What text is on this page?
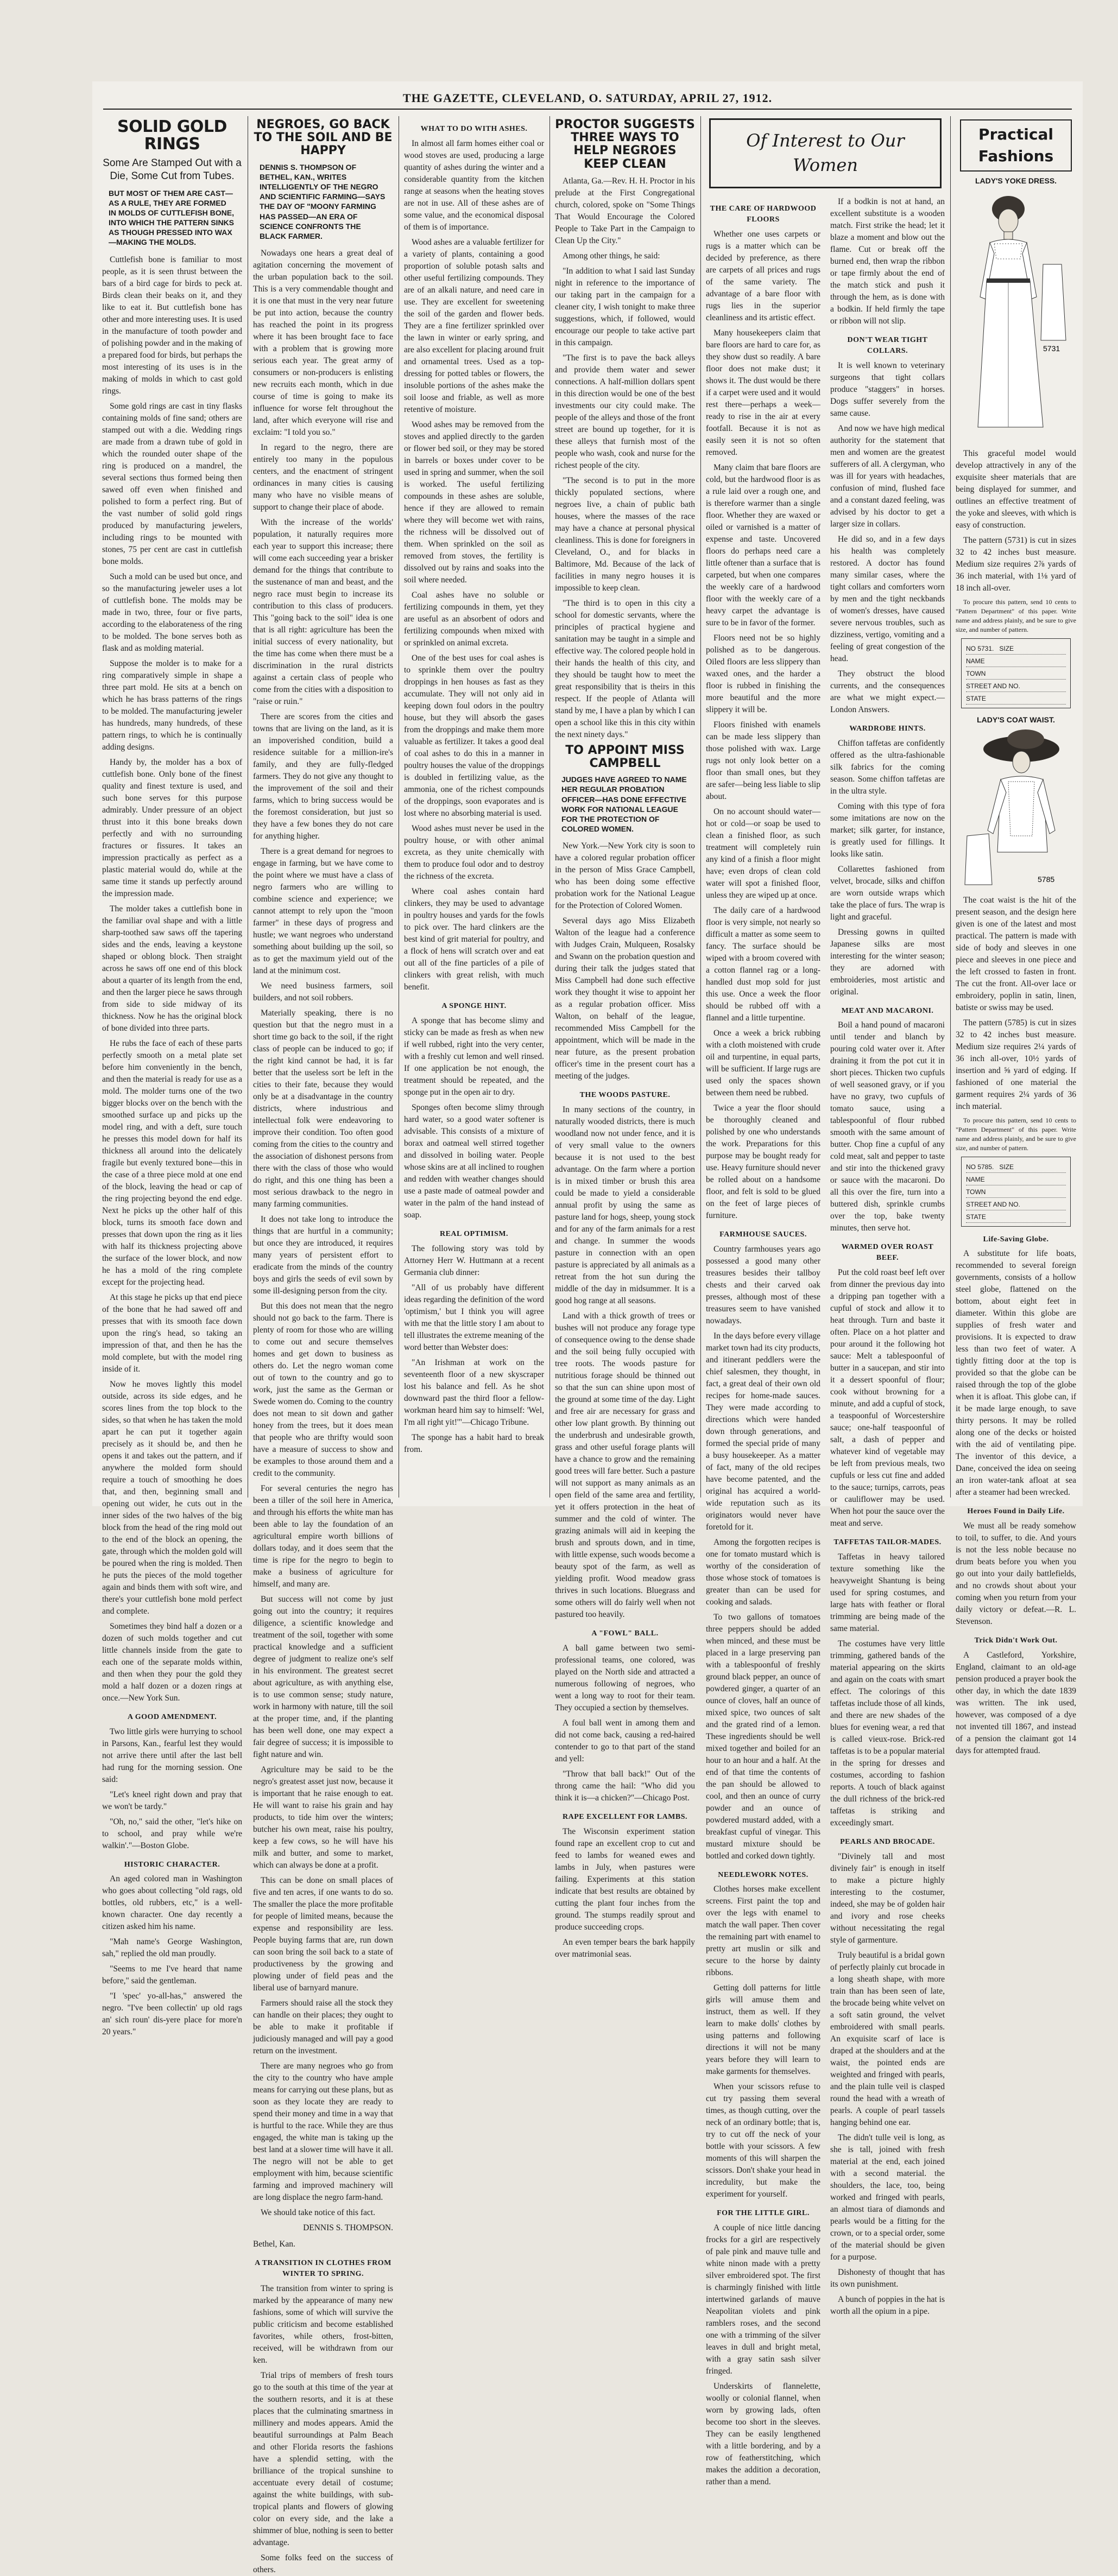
THE GAZETTE, CLEVELAND, O. SATURDAY, APRIL 27, 1912.
SOLID GOLD RINGS
Some Are Stamped Out with a Die, Some Cut from Tubes.
BUT MOST OF THEM ARE CAST—AS A RULE, THEY ARE FORMED IN MOLDS OF CUTTLEFISH BONE, INTO WHICH THE PATTERN SINKS AS THOUGH PRESSED INTO WAX—MAKING THE MOLDS.

Cuttlefish bone is familiar to most people, as it is seen thrust between the bars of a bird cage for birds to peck at. Birds clean their beaks on it, and they like to eat it. But cuttlefish bone has other and more interesting uses. It is used in the manufacture of tooth powder and of polishing powder and in the making of a prepared food for birds, but perhaps the most interesting of its uses is in the making of molds in which to cast gold rings.

Some gold rings are cast in tiny flasks containing molds of fine sand; others are stamped out with a die. Wedding rings are made from a drawn tube of gold in which the rounded outer shape of the ring is produced on a mandrel, the several sections thus formed being then sawed off even when finished and polished to form a perfect ring. But of the vast number of solid gold rings produced by manufacturing jewelers, including rings to be mounted with stones, 75 per cent are cast in cuttlefish bone molds.

Such a mold can be used but once, and so the manufacturing jeweler uses a lot of cuttlefish bone. The molds may be made in two, three, four or five parts, according to the elaborateness of the ring to be molded. The bone serves both as flask and as molding material.

Suppose the molder is to make for a ring comparatively simple in shape a three part mold. He sits at a bench on which he has brass patterns of the rings to be molded. The manufacturing jeweler has hundreds, many hundreds, of these pattern rings, to which he is continually adding designs.

Handy by, the molder has a box of cuttlefish bone. Only bone of the finest quality and finest texture is used, and such bone serves for this purpose admirably. Under pressure of an object thrust into it this bone breaks down perfectly and with no surrounding fractures or fissures. It takes an impression practically as perfect as a plastic material would do, while at the same time it stands up perfectly around the impression made.

The molder takes a cuttlefish bone in the familiar oval shape and with a little sharp-toothed saw saws off the tapering sides and the ends, leaving a keystone shaped or oblong block. Then straight across he saws off one end of this block about a quarter of its length from the end, and then the larger piece he saws through from side to side midway of its thickness. Now he has the original block of bone divided into three parts.

He rubs the face of each of these parts perfectly smooth on a metal plate set before him conveniently in the bench, and then the material is ready for use as a mold. The molder turns one of the two bigger blocks over on the bench with the smoothed surface up and picks up the model ring, and with a deft, sure touch he presses this model down for half its thickness all around into the delicately fragile but evenly textured bone—this in the case of a three piece mold at one end of the block, leaving the head or cap of the ring projecting beyond the end edge. Next he picks up the other half of this block, turns its smooth face down and presses that down upon the ring as it lies with half its thickness projecting above the surface of the lower block, and now he has a mold of the ring complete except for the projecting head.

At this stage he picks up that end piece of the bone that he had sawed off and presses that with its smooth face down upon the ring's head, so taking an impression of that, and then he has the mold complete, but with the model ring inside of it.

Now he moves lightly this model outside, across its side edges, and he scores lines from the top block to the sides, so that when he has taken the mold apart he can put it together again precisely as it should be, and then he opens it and takes out the pattern, and if anywhere the molded form should require a touch of smoothing he does that, and then, beginning small and opening out wider, he cuts out in the inner sides of the two halves of the big block from the head of the ring mold out to the end of the block an opening, the gate, through which the molden gold will be poured when the ring is molded. Then he puts the pieces of the mold together again and binds them with soft wire, and there's your cuttlefish bone mold perfect and complete.

Sometimes they bind half a dozen or a dozen of such molds together and cut little channels inside from the gate to each one of the separate molds within, and then when they pour the gold they mold a half dozen or a dozen rings at once.—New York Sun.

A GOOD AMENDMENT.

Two little girls were hurrying to school in Parsons, Kan., fearful lest they would not arrive there until after the last bell had rung for the morning session. One said:

"Let's kneel right down and pray that we won't be tardy."

"Oh, no," said the other, "let's hike on to school, and pray while we're walkin'."—Boston Globe.

HISTORIC CHARACTER.

An aged colored man in Washington who goes about collecting "old rags, old bottles, old rubbers, etc," is a well-known character. One day recently a citizen asked him his name.

"Mah name's George Washington, sah," replied the old man proudly.

"Seems to me I've heard that name before," said the gentleman.

"I 'spec' yo-all-has," answered the negro. "I've been collectin' up old rags an' sich roun' dis-yere place for more'n 20 years."

NEGROES, GO BACK TO THE SOIL AND BE HAPPY
DENNIS S. THOMPSON OF BETHEL, KAN., WRITES INTELLIGENTLY OF THE NEGRO AND SCIENTIFIC FARMING—SAYS THE DAY OF "MOONY FARMING HAS PASSED—AN ERA OF SCIENCE CONFRONTS THE BLACK FARMER.

Nowadays one hears a great deal of agitation concerning the movement of the urban population back to the soil. This is a very commendable thought and it is one that must in the very near future be put into action, because the country has reached the point in its progress where it has been brought face to face with a problem that is growing more serious each year. The great army of consumers or non-producers is enlisting new recruits each month, which in due course of time is going to make its influence for worse felt throughout the land, after which everyone will rise and exclaim: "I told you so."

In regard to the negro, there are entirely too many in the populous centers, and the enactment of stringent ordinances in many cities is causing many who have no visible means of support to change their place of abode.

With the increase of the worlds' population, it naturally requires more each year to support this increase; there will come each succeeding year a brisker demand for the things that contribute to the sustenance of man and beast, and the negro race must begin to increase its contribution to this class of producers. This "going back to the soil" idea is one that is all right: agriculture has been the initial success of every nationality, but the time has come when there must be a discrimination in the rural districts against a certain class of people who come from the cities with a disposition to "raise or ruin."

There are scores from the cities and towns that are living on the land, as it is an impoverished condition, build a residence suitable for a million-ire's family, and they are fully-fledged farmers. They do not give any thought to the improvement of the soil and their farms, which to bring success would be the foremost consideration, but just so they have a few bones they do not care for anything higher.

There is a great demand for negroes to engage in farming, but we have come to the point where we must have a class of negro farmers who are willing to combine science and experience; we cannot attempt to rely upon the "moon farmer" in these days of progress and hustle; we want negroes who understand something about building up the soil, so as to get the maximum yield out of the land at the minimum cost.

We need business farmers, soil builders, and not soil robbers.

Materially speaking, there is no question but that the negro must in a short time go back to the soil, if the right class of people can be induced to go; if the right kind cannot be had, it is far better that the useless sort be left in the cities to their fate, because they would only be at a disadvantage in the country districts, where industrious and intellectual folk were endeavoring to improve their condition. Too often good coming from the cities to the country and the association of dishonest persons from there with the class of those who would do right, and this one thing has been a most serious drawback to the negro in many farming communities.

It does not take long to introduce the things that are hurtful in a community; but once they are introduced, it requires many years of persistent effort to eradicate from the minds of the country boys and girls the seeds of evil sown by some ill-designing person from the city.

But this does not mean that the negro should not go back to the farm. There is plenty of room for those who are willing to come out and secure themselves homes and get down to business as others do. Let the negro woman come out of town to the country and go to work, just the same as the German or Swede women do. Coming to the country does not mean to sit down and gather honey from the trees, but it does mean that people who are thrifty would soon have a measure of success to show and be examples to those around them and a credit to the community.

For several centuries the negro has been a tiller of the soil here in America, and through his efforts the white man has been able to lay the foundation of an agricultural empire worth billions of dollars today, and it does seem that the time is ripe for the negro to begin to make a business of agriculture for himself, and many are.

But success will not come by just going out into the country; it requires diligence, a scientific knowledge and treatment of the soil, together with some practical knowledge and a sufficient degree of judgment to realize one's self in his environment. The greatest secret about agriculture, as with anything else, is to use common sense; study nature, work in harmony with nature, till the soil at the proper time, and, if the planting has been well done, one may expect a fair degree of success; it is impossible to fight nature and win.

Agriculture may be said to be the negro's greatest asset just now, because it is important that he raise enough to eat. He will want to raise his grain and hay products, to tide him over the winters; butcher his own meat, raise his poultry, keep a few cows, so he will have his milk and butter, and some to market, which can always be done at a profit.

This can be done on small places of five and ten acres, if one wants to do so. The smaller the place the more profitable for people of limited means, because the expense and responsibility are less. People buying farms that are, run down can soon bring the soil back to a state of productiveness by the growing and plowing under of field peas and the liberal use of barnyard manure.

Farmers should raise all the stock they can handle on their places; they ought to be able to make it profitable if judiciously managed and will pay a good return on the investment.

There are many negroes who go from the city to the country who have ample means for carrying out these plans, but as soon as they locate they are ready to spend their money and time in a way that is hurtful to the race. While they are thus engaged, the white man is taking up the best land at a slower time will have it all. The negro will not be able to get employment with him, because scientific farming and improved machinery will are long displace the negro farm-hand.

We should take notice of this fact.

DENNIS S. THOMPSON.
Bethel, Kan.
A TRANSITION IN CLOTHES FROM WINTER TO SPRING.

The transition from winter to spring is marked by the appearance of many new fashions, some of which will survive the public criticism and become established favorites, while others, frost-bitten, received, will be withdrawn from our ken.

Trial trips of members of fresh tours go to the south at this time of the year at the southern resorts, and it is at these places that the culminating smartness in millinery and modes appears. Amid the beautiful surroundings at Palm Beach and other Florida resorts the fashions have a splendid setting, with the brilliance of the tropical sunshine to accentuate every detail of costume; against the white buildings, with sub-tropical plants and flowers of glowing color on every side, and the lake a shimmer of blue, nothing is seen to better advantage.

Some folks feed on the success of others.

WHAT TO DO WITH ASHES.

In almost all farm homes either coal or wood stoves are used, producing a large quantity of ashes during the winter and a considerable quantity from the kitchen range at seasons when the heating stoves are not in use. All of these ashes are of some value, and the economical disposal of them is of importance.

Wood ashes are a valuable fertilizer for a variety of plants, containing a good proportion of soluble potash salts and other useful fertilizing compounds. They are of an alkali nature, and need care in use. They are excellent for sweetening the soil of the garden and flower beds. They are a fine fertilizer sprinkled over the lawn in winter or early spring, and are also excellent for placing around fruit and ornamental trees. Used as a top-dressing for potted tables or flowers, the insoluble portions of the ashes make the soil loose and friable, as well as more retentive of moisture.

Wood ashes may be removed from the stoves and applied directly to the garden or flower bed soil, or they may be stored in barrels or boxes under cover to be used in spring and summer, when the soil is worked. The useful fertilizing compounds in these ashes are soluble, hence if they are allowed to remain where they will become wet with rains, the richness will be dissolved out of them. When sprinkled on the soil as removed from stoves, the fertility is dissolved out by rains and soaks into the soil where needed.

Coal ashes have no soluble or fertilizing compounds in them, yet they are useful as an absorbent of odors and fertilizing compounds when mixed with or sprinkled on animal excreta.

One of the best uses for coal ashes is to sprinkle them over the poultry droppings in hen houses as fast as they accumulate. They will not only aid in keeping down foul odors in the poultry house, but they will absorb the gases from the droppings and make them more valuable as fertilizer. It takes a good deal of coal ashes to do this in a manner in poultry houses the value of the droppings is doubled in fertilizing value, as the ammonia, one of the richest compounds of the droppings, soon evaporates and is lost where no absorbing material is used.

Wood ashes must never be used in the poultry house, or with other animal excreta, as they unite chemically with them to produce foul odor and to destroy the richness of the excreta.

Where coal ashes contain hard clinkers, they may be used to advantage in poultry houses and yards for the fowls to pick over. The hard clinkers are the best kind of grit material for poultry, and a flock of hens will scratch over and eat out all of the fine particles of a pile of clinkers with great relish, with much benefit.

A SPONGE HINT.

A sponge that has become slimy and sticky can be made as fresh as when new if well rubbed, right into the very center, with a freshly cut lemon and well rinsed. If one application be not enough, the treatment should be repeated, and the sponge put in the open air to dry.

Sponges often become slimy through hard water, so a good water softener is advisable. This consists of a mixture of borax and oatmeal well stirred together and dissolved in boiling water. People whose skins are at all inclined to roughen and redden with weather changes should use a paste made of oatmeal powder and water in the palm of the hand instead of soap.

REAL OPTIMISM.

The following story was told by Attorney Herr W. Huttmann at a recent Germania club dinner:

"All of us probably have different ideas regarding the definition of the word 'optimism,' but I think you will agree with me that the little story I am about to tell illustrates the extreme meaning of the word better than Webster does:

"An Irishman at work on the seventeenth floor of a new skyscraper lost his balance and fell. As he shot downward past the third floor a fellow-workman heard him say to himself: 'Wel, I'm all right yit!'"—Chicago Tribune.

The sponge has a habit hard to break from.

PROCTOR SUGGESTS THREE WAYS TO HELP NEGROES KEEP CLEAN

Atlanta, Ga.—Rev. H. H. Proctor in his prelude at the First Congregational church, colored, spoke on "Some Things That Would Encourage the Colored People to Take Part in the Campaign to Clean Up the City."

Among other things, he said:

"In addition to what I said last Sunday night in reference to the importance of our taking part in the campaign for a cleaner city, I wish tonight to make three suggestions, which, if followed, would encourage our people to take active part in this campaign.

"The first is to pave the back alleys and provide them water and sewer connections. A half-million dollars spent in this direction would be one of the best investments our city could make. The people of the alleys and those of the front street are bound up together, for it is these alleys that furnish most of the people who wash, cook and nurse for the richest people of the city.

"The second is to put in the more thickly populated sections, where negroes live, a chain of public bath houses, where the masses of the race may have a chance at personal physical cleanliness. This is done for foreigners in Cleveland, O., and for blacks in Baltimore, Md. Because of the lack of facilities in many negro houses it is impossible to keep clean.

"The third is to open in this city a school for domestic servants, where the principles of practical hygiene and sanitation may be taught in a simple and effective way. The colored people hold in their hands the health of this city, and they should be taught how to meet the great responsibility that is theirs in this respect. If the people of Atlanta will stand by me, I have a plan by which I can open a school like this in this city within the next ninety days."

TO APPOINT MISS CAMPBELL
JUDGES HAVE AGREED TO NAME HER REGULAR PROBATION OFFICER—HAS DONE EFFECTIVE WORK FOR NATIONAL LEAGUE FOR THE PROTECTION OF COLORED WOMEN.

New York.—New York city is soon to have a colored regular probation officer in the person of Miss Grace Campbell, who has been doing some effective probation work for the National League for the Protection of Colored Women.

Several days ago Miss Elizabeth Walton of the league had a conference with Judges Crain, Mulqueen, Rosalsky and Swann on the probation question and during their talk the judges stated that Miss Campbell had done such effective work they thought it wise to appoint her as a regular probation officer. Miss Walton, on behalf of the league, recommended Miss Campbell for the appointment, which will be made in the near future, as the present probation officer's time in the present court has a meeting of the judges.

THE WOODS PASTURE.

In many sections of the country, in naturally wooded districts, there is much woodland now not under fence, and it is of very small value to the owners because it is not used to the best advantage. On the farm where a portion is in mixed timber or brush this area could be made to yield a considerable annual profit by using the same as pasture land for hogs, sheep, young stock and for any of the farm animals for a rest and change. In summer the woods pasture in connection with an open pasture is appreciated by all animals as a retreat from the hot sun during the middle of the day in midsummer. It is a good hog range at all seasons.

Land with a thick growth of trees or bushes will not produce any forage type of consequence owing to the dense shade and the soil being fully occupied with tree roots. The woods pasture for nutritious forage should be thinned out so that the sun can shine upon most of the ground at some time of the day. Light and free air are necessary for grass and other low plant growth. By thinning out the underbrush and undesirable growth, grass and other useful forage plants will have a chance to grow and the remaining good trees will fare better. Such a pasture will not support as many animals as an open field of the same area and fertility, yet it offers protection in the heat of summer and the cold of winter. The grazing animals will aid in keeping the brush and sprouts down, and in time, with little expense, such woods become a beauty spot of the farm, as well as yielding profit. Wood meadow grass thrives in such locations. Bluegrass and some others will do fairly well when not pastured too heavily.

A "FOWL" BALL.

A ball game between two semi-professional teams, one colored, was played on the North side and attracted a numerous following of negroes, who went a long way to root for their team. They occupied a section by themselves.

A foul ball went in among them and did not come back, causing a red-haired contender to go to that part of the stand and yell:

"Throw that ball back!" Out of the throng came the hail: "Who did you think it is—a chicken?"—Chicago Post.

RAPE EXCELLENT FOR LAMBS.

The Wisconsin experiment station found rape an excellent crop to cut and feed to lambs for weaned ewes and lambs in July, when pastures were failing. Experiments at this station indicate that best results are obtained by cutting the plant four inches from the ground. The stumps readily sprout and produce succeeding crops.

An even temper bears the bark happily over matrimonial seas.

Of Interest to Our Women
THE CARE OF HARDWOOD FLOORS

Whether one uses carpets or rugs is a matter which can be decided by preference, as there are carpets of all prices and rugs of the same variety. The advantage of a bare floor with rugs lies in the superior cleanliness and its artistic effect.

Many housekeepers claim that bare floors are hard to care for, as they show dust so readily. A bare floor does not make dust; it shows it. The dust would be there if a carpet were used and it would rest there—perhaps a week—ready to rise in the air at every footfall. Because it is not as easily seen it is not so often removed.

Many claim that bare floors are cold, but the hardwood floor is as a rule laid over a rough one, and is therefore warmer than a single floor. Whether they are waxed or oiled or varnished is a matter of expense and taste. Uncovered floors do perhaps need care a little oftener than a surface that is carpeted, but when one compares the weekly care of a hardwood floor with the weekly care of a heavy carpet the advantage is sure to be in favor of the former.

Floors need not be so highly polished as to be dangerous. Oiled floors are less slippery than waxed ones, and the harder a floor is rubbed in finishing the more beautiful and the more slippery it will be.

Floors finished with enamels can be made less slippery than those polished with wax. Large rugs not only look better on a floor than small ones, but they are safer—being less liable to slip about.

On no account should water—hot or cold—or soap be used to clean a finished floor, as such treatment will completely ruin any kind of a finish a floor might have; even drops of clean cold water will spot a finished floor, unless they are wiped up at once.

The daily care of a hardwood floor is very simple, not nearly so difficult a matter as some seem to fancy. The surface should be wiped with a broom covered with a cotton flannel rag or a long-handled dust mop sold for just this use. Once a week the floor should be rubbed off with a flannel and a little turpentine.

Once a week a brick rubbing with a cloth moistened with crude oil and turpentine, in equal parts, will be sufficient. If large rugs are used only the spaces shown between them need be rubbed.

Twice a year the floor should be thoroughly cleaned and polished by one who understands the work. Preparations for this purpose may be bought ready for use. Heavy furniture should never be rolled about on a handsome floor, and felt is sold to be glued on the feet of large pieces of furniture.

FARMHOUSE SAUCES.

Country farmhouses years ago possessed a good many other treasures besides their tallboy chests and their carved oak presses, although most of these treasures seem to have vanished nowadays.

In the days before every village market town had its city products, and itinerant peddlers were the chief salesmen, they thought, in fact, a great deal of their own old recipes for home-made sauces. They were made according to directions which were handed down through generations, and formed the special pride of many a busy housekeeper. As a matter of fact, many of the old recipes have become patented, and the original has acquired a world-wide reputation such as its originators would never have foretold for it.

Among the forgotten recipes is one for tomato mustard which is worthy of the consideration of those whose stock of tomatoes is greater than can be used for cooking and salads.

To two gallons of tomatoes three peppers should be added when minced, and these must be placed in a large preserving pan with a tablespoonful of freshly ground black pepper, an ounce of powdered ginger, a quarter of an ounce of cloves, half an ounce of mixed spice, two ounces of salt and the grated rind of a lemon. These ingredients should be well mixed together and boiled for an hour to an hour and a half. At the end of that time the contents of the pan should be allowed to cool, and then an ounce of curry powder and an ounce of powdered mustard added, with a breakfast cupful of vinegar. This mustard mixture should be bottled and corked down tightly.

NEEDLEWORK NOTES.

Clothes horses make excellent screens. First paint the top and over the legs with enamel to match the wall paper. Then cover the remaining part with enamel to pretty art muslin or silk and secure to the horse by dainty ribbons.

Getting doll patterns for little girls will amuse them and instruct, them as well. If they learn to make dolls' clothes by using patterns and following directions it will not be many years before they will learn to make garments for themselves.

When your scissors refuse to cut try passing them several times, as though cutting, over the neck of an ordinary bottle; that is, try to cut off the neck of your bottle with your scissors. A few moments of this will sharpen the scissors. Don't shake your head in incredulity, but make the experiment for yourself.

FOR THE LITTLE GIRL.

A couple of nice little dancing frocks for a girl are respectively of pale pink and mauve tulle and white ninon made with a pretty silver embroidered spot. The first is charmingly finished with little intertwined garlands of mauve Neapolitan violets and pink ramblers roses, and the second one with a trimming of the silver leaves in dull and bright metal, with a gray satin sash silver fringed.

Underskirts of flannelette, woolly or colonial flannel, when worn by growing lads, often become too short in the sleeves. They can be easily lengthened with a little bordering, and by a row of featherstitching, which makes the addition a decoration, rather than a mend.

If a bodkin is not at hand, an excellent substitute is a wooden match. First strike the head; let it blaze a moment and blow out the flame. Cut or break off the burned end, then wrap the ribbon or tape firmly about the end of the match stick and push it through the hem, as is done with a bodkin. If held firmly the tape or ribbon will not slip.

DON'T WEAR TIGHT COLLARS.

It is well known to veterinary surgeons that tight collars produce "staggers" in horses. Dogs suffer severely from the same cause.

And now we have high medical authority for the statement that men and women are the greatest sufferers of all. A clergyman, who was ill for years with headaches, confusion of mind, flushed face and a constant dazed feeling, was advised by his doctor to get a larger size in collars.

He did so, and in a few days his health was completely restored. A doctor has found many similar cases, where the tight collars and comforters worn by men and the tight neckbands of women's dresses, have caused severe nervous troubles, such as dizziness, vertigo, vomiting and a feeling of great congestion of the head.

They obstruct the blood currents, and the consequences are what we might expect.—London Answers.

WARDROBE HINTS.

Chiffon taffetas are confidently offered as the ultra-fashionable silk fabrics for the coming season. Some chiffon taffetas are in the ultra style.

Coming with this type of fora some imitations are now on the market; silk garter, for instance, is greatly used for fillings. It looks like satin.

Collarettes fashioned from velvet, brocade, silks and chiffon are worn outside wraps which take the place of furs. The wrap is light and graceful.

Dressing gowns in quilted Japanese silks are most interesting for the winter season; they are adorned with embroideries, most artistic and original.

MEAT AND MACARONI.

Boil a hand pound of macaroni until tender and blanch by pouring cold water over it. After draining it from the pot cut it in short pieces. Thicken two cupfuls of well seasoned gravy, or if you have no gravy, two cupfuls of tomato sauce, using a tablespoonful of flour rubbed smooth with the same amount of butter. Chop fine a cupful of any cold meat, salt and pepper to taste and stir into the thickened gravy or sauce with the macaroni. Do all this over the fire, turn into a buttered dish, sprinkle crumbs over the top, bake twenty minutes, then serve hot.

WARMED OVER ROAST BEEF.

Put the cold roast beef left over from dinner the previous day into a dripping pan together with a cupful of stock and allow it to heat through. Turn and baste it often. Place on a hot platter and pour around it the following hot sauce: Melt a tablespoonful of butter in a saucepan, and stir into it a dessert spoonful of flour; cook without browning for a minute, and add a cupful of stock, a teaspoonful of Worcestershire sauce; one-half teaspoonful of salt, a dash of pepper and whatever kind of vegetable may be left from previous meals, two cupfuls or less cut fine and added to the sauce; turnips, carrots, peas or cauliflower may be used. When hot pour the sauce over the meat and serve.

TAFFETAS TAILOR-MADES.

Taffetas in heavy tailored texture something like the heavyweight Shantung is being used for spring costumes, and large hats with feather or floral trimming are being made of the same material.

The costumes have very little trimming, gathered bands of the material appearing on the skirts and again on the coats with smart effect. The colorings of this taffetas include those of all kinds, and there are new shades of the blues for evening wear, a red that is called vieux-rose. Brick-red taffetas is to be a popular material in the spring for dresses and costumes, according to fashion reports. A touch of black against the dull richness of the brick-red taffetas is striking and exceedingly smart.

PEARLS AND BROCADE.

"Divinely tall and most divinely fair" is enough in itself to make a picture highly interesting to the costumer, indeed, she may be of golden hair and ivory and rose cheeks without necessitating the regal style of garmenture.

Truly beautiful is a bridal gown of perfectly plainly cut brocade in a long sheath shape, with more train than has been seen of late, the brocade being white velvet on a soft satin ground, the velvet embroidered with small pearls. An exquisite scarf of lace is draped at the shoulders and at the waist, the pointed ends are weighted and fringed with pearls, and the plain tulle veil is clasped round the head with a wreath of pearls. A couple of pearl tassels hanging behind one ear.

The didn't tulle veil is long, as she is tall, joined with fresh material at the end, each joined with a second material. the shoulders, the lace, too, being worked and fringed with pearls, an almost tiara of diamonds and pearls would be a fitting for the crown, or to a special order, some of the material should be given for a purpose.

Dishonesty of thought that has its own punishment.

A bunch of poppies in the hat is worth all the opium in a pipe.

Practical Fashions
LADY'S YOKE DRESS.
5731

This graceful model would develop attractively in any of the exquisite sheer materials that are being displayed for summer, and outlines an effective treatment of the yoke and sleeves, with which is easy of construction.

The pattern (5731) is cut in sizes 32 to 42 inches bust measure. Medium size requires 2⅞ yards of 36 inch material, with 1⅛ yard of 18 inch all-over.

To procure this pattern, send 10 cents to "Pattern Department" of this paper. Write name and address plainly, and be sure to give size, and number of pattern.

NO 5731. SIZE
NAME
TOWN
STREET AND NO.
STATE
LADY'S COAT WAIST.
5785

The coat waist is the hit of the present season, and the design here given is one of the latest and most practical. The pattern is made with side of body and sleeves in one piece and sleeves in one piece and the left crossed to fasten in front. The cut the front. All-over lace or embroidery, poplin in satin, linen, batiste or swiss may be used.

The pattern (5785) is cut in sizes 32 to 42 inches bust measure. Medium size requires 2¼ yards of 36 inch all-over, 10½ yards of insertion and ⅝ yard of edging. If fashioned of one material the garment requires 2¼ yards of 36 inch material.

To procure this pattern, send 10 cents to "Pattern Department" of this paper. Write name and address plainly, and be sure to give size, and number of pattern.

NO 5785. SIZE
NAME
TOWN
STREET AND NO.
STATE
Life-Saving Globe.

A substitute for life boats, recommended to several foreign governments, consists of a hollow steel globe, flattened on the bottom, about eight feet in diameter. Within this globe are supplies of fresh water and provisions. It is expected to draw less than two feet of water. A tightly fitting door at the top is provided so that the globe can be raised through the top of the globe when it is afloat. This globe can, if it be made large enough, to save thirty persons. It may be rolled along one of the decks or hoisted with the aid of ventilating pipe. The inventor of this device, a Dane, conceived the idea on seeing an iron water-tank afloat at sea after a steamer had been wrecked.

Heroes Found in Daily Life.

We must all be ready somehow to toil, to suffer, to die. And yours is not the less noble because no drum beats before you when you go out into your daily battlefields, and no crowds shout about your coming when you return from your daily victory or defeat.—R. L. Stevenson.

Trick Didn't Work Out.

A Castleford, Yorkshire, England, claimant to an old-age pension produced a prayer book the other day, in which the date 1839 was written. The ink used, however, was composed of a dye not invented till 1867, and instead of a pension the claimant got 14 days for attempted fraud.
